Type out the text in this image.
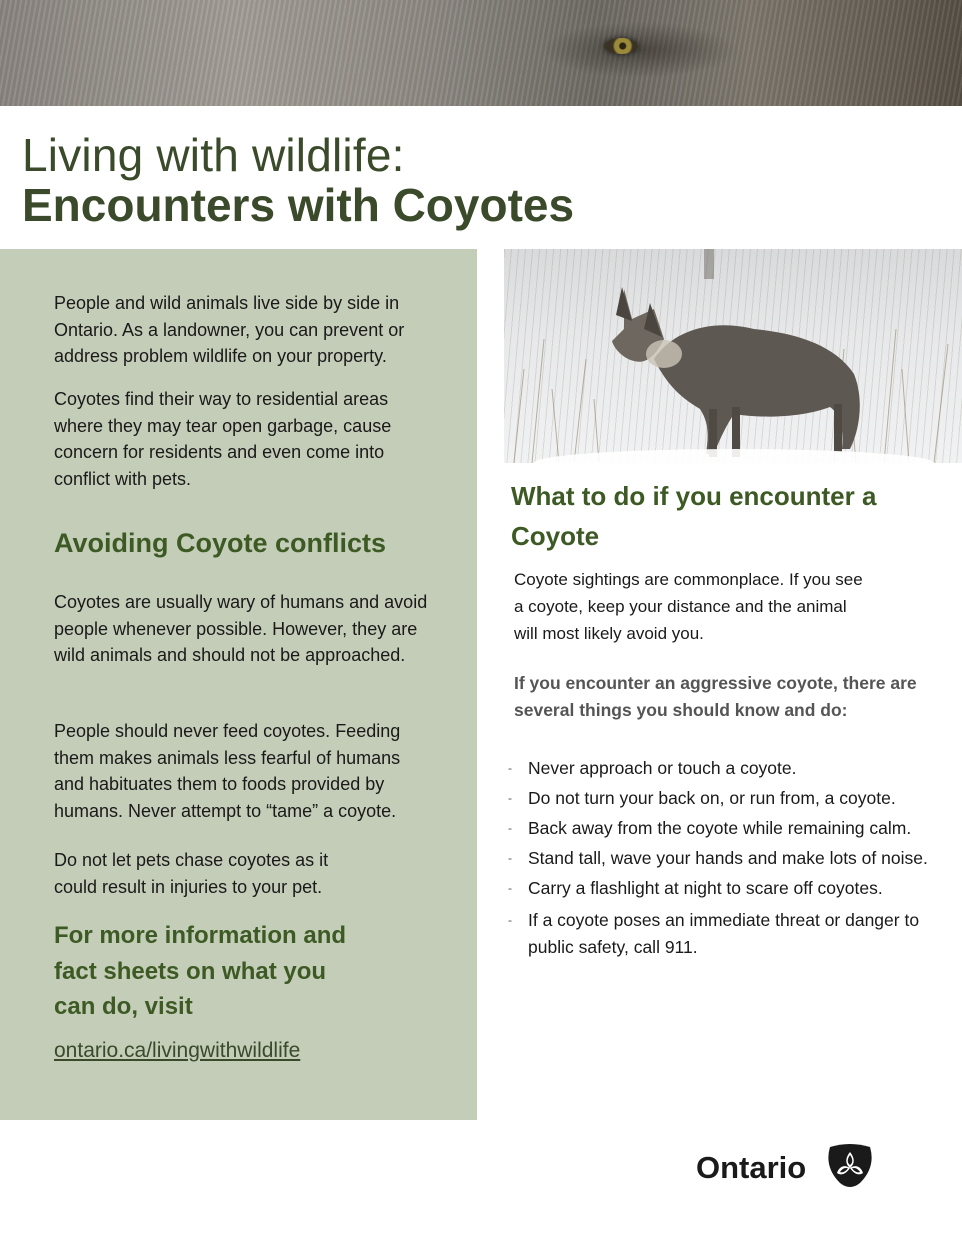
Living with wildlife:
Encounters with Coyotes

People and wild animals live side by side in Ontario. As a landowner, you can prevent or address problem wildlife on your property.

Coyotes find their way to residential areas where they may tear open garbage, cause concern for residents and even come into conflict with pets.

Avoiding Coyote conflicts

Coyotes are usually wary of humans and avoid people whenever possible. However, they are wild animals and should not be approached.

People should never feed coyotes. Feeding them makes animals less fearful of humans and habituates them to foods provided by humans. Never attempt to “tame” a coyote.

Do not let pets chase coyotes as it could result in injuries to your pet.

For more information and fact sheets on what you can do, visit
ontario.ca/livingwithwildlife
What to do if you encounter a Coyote

Coyote sightings are commonplace. If you see a coyote, keep your distance and the animal will most likely avoid you.

If you encounter an aggressive coyote, there are several things you should know and do:

- Never approach or touch a coyote.
- Do not turn your back on, or run from, a coyote.
- Back away from the coyote while remaining calm.
- Stand tall, wave your hands and make lots of noise.
- Carry a flashlight at night to scare off coyotes.
- If a coyote poses an immediate threat or danger to public safety, call 911.
Ontario
